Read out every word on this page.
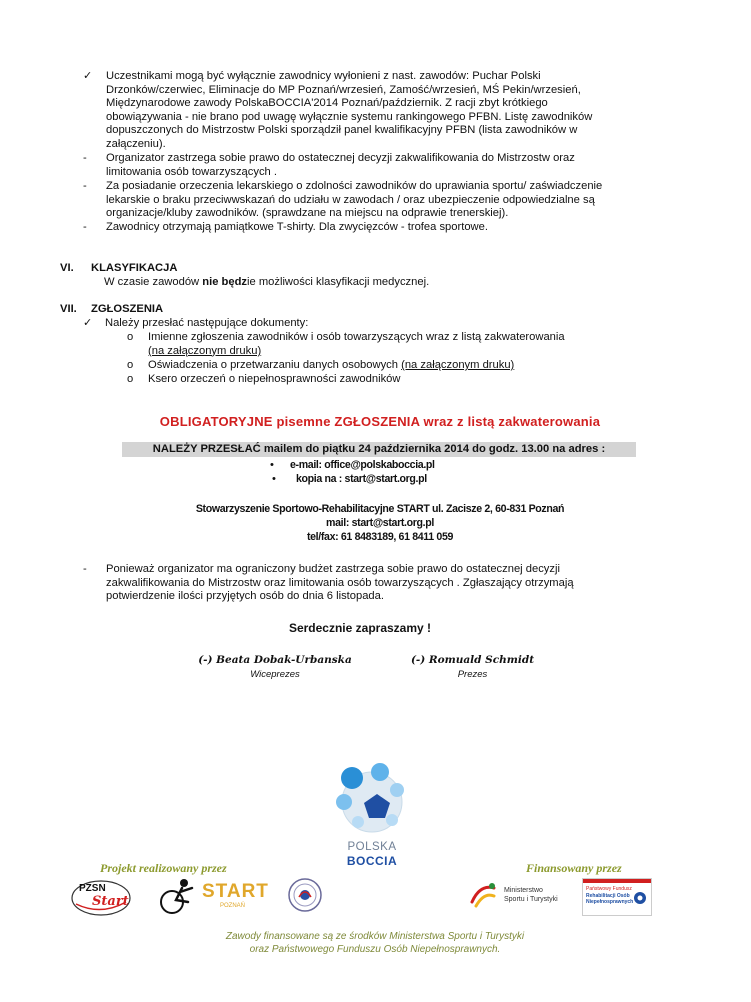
✓ Uczestnikami mogą być wyłącznie zawodnicy wyłonieni z nast. zawodów: Puchar Polski

Drzonków/czerwiec, Eliminacje do MP Poznań/wrzesień, Zamość/wrzesień, MŚ Pekin/wrzesień,

Międzynarodowe zawody PolskaBOCCIA'2014 Poznań/październik. Z racji zbyt krótkiego

obowiązywania - nie brano pod uwagę wyłącznie systemu rankingowego PFBN. Listę zawodników

dopuszczonych do Mistrzostw Polski sporządził panel kwalifikacyjny PFBN (lista zawodników w

załączeniu).

- Organizator zastrzega sobie prawo do ostatecznej decyzji zakwalifikowania do Mistrzostw oraz

limitowania osób towarzyszących .

- Za posiadanie orzeczenia lekarskiego o zdolności zawodników do uprawiania sportu/ zaświadczenie

lekarskie o braku przeciwwskazań do udziału w zawodach / oraz ubezpieczenie odpowiedzialne są

organizacje/kluby zawodników. (sprawdzane na miejscu na odprawie trenerskiej).

- Zawodnicy otrzymają pamiątkowe T-shirty. Dla zwycięzców - trofea sportowe.
VI. KLASYFIKACJA
W czasie zawodów nie będzie możliwości klasyfikacji medycznej.
VII. ZGŁOSZENIA
✓ Należy przesłać następujące dokumenty:
o Imienne zgłoszenia zawodników i osób towarzyszących wraz z listą zakwaterowania
(na załączonym druku)
o Oświadczenia o przetwarzaniu danych osobowych (na załączonym druku)
o Ksero orzeczeń o niepełnosprawności zawodników
OBLIGATORYJNE pisemne ZGŁOSZENIA wraz z listą zakwaterowania
NALEŻY PRZESŁAĆ mailem do piątku 24 października 2014 do godz. 13.00 na adres :
• e-mail: office@polskaboccia.pl
• kopia na : start@start.org.pl
Stowarzyszenie Sportowo-Rehabilitacyjne START ul. Zacisze 2, 60-831 Poznań
mail: start@start.org.pl
tel/fax: 61 8483189, 61 8411 059
- Ponieważ organizator ma ograniczony budżet zastrzega sobie prawo do ostatecznej decyzji

zakwalifikowania do Mistrzostw oraz limitowania osób towarzyszących . Zgłaszający otrzymają

potwierdzenie ilości przyjętych osób do dnia 6 listopada.

Serdecznie zapraszamy !
(-) Beata Dobak-Urbanska
Wiceprezes
(-) Romuald Schmidt
Prezes
POLSKA
BOCCIA
Projekt realizowany przez	Finansowany przez
PZSN
Start	START
POZNAŃ
Ministerstwo
Sportu i Turystyki
Państwowy Fundusz
Rehabilitacji Osób
Niepełnosprawnych
Zawody finansowane są ze środków Ministerstwa Sportu i Turystyki
oraz Państwowego Funduszu Osób Niepełnosprawnych.
